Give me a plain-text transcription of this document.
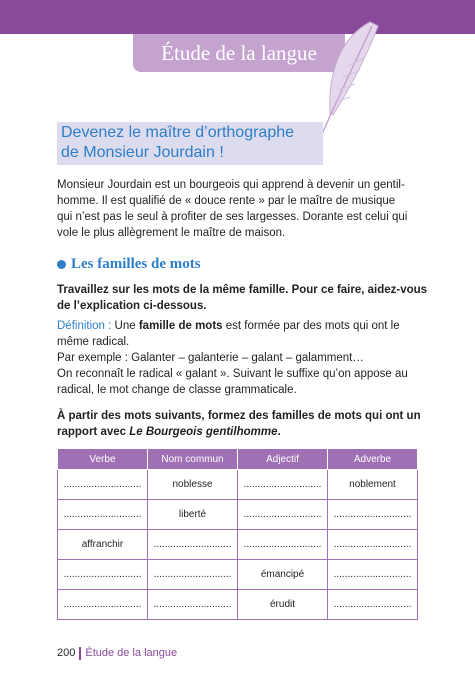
Étude de la langue
Devenez le maître d’orthographe
de Monsieur Jourdain !
Monsieur Jourdain est un bourgeois qui apprend à devenir un gentil-
homme. Il est qualifié de « douce rente » par le maître de musique
qui n’est pas le seul à profiter de ses largesses. Dorante est celui qui
vole le plus allègrement le maître de maison.
Les familles de mots
Travaillez sur les mots de la même famille. Pour ce faire, aidez-vous
de l’explication ci-dessous.
Définition : Une famille de mots est formée par des mots qui ont le
même radical.
Par exemple : Galanter – galanterie – galant – galamment…
On reconnaît le radical « galant ». Suivant le suffixe qu’on appose au
radical, le mot change de classe grammaticale.
À partir des mots suivants, formez des familles de mots qui ont un
rapport avec Le Bourgeois gentilhomme.
Verbe	Nom commun	Adjectif	Adverbe
............................	noblesse	............................	noblement
............................	liberté	............................	............................
affranchir	............................	............................	............................
............................	............................	émancipé	............................
............................	............................	érudit	............................
200 Étude de la langue
